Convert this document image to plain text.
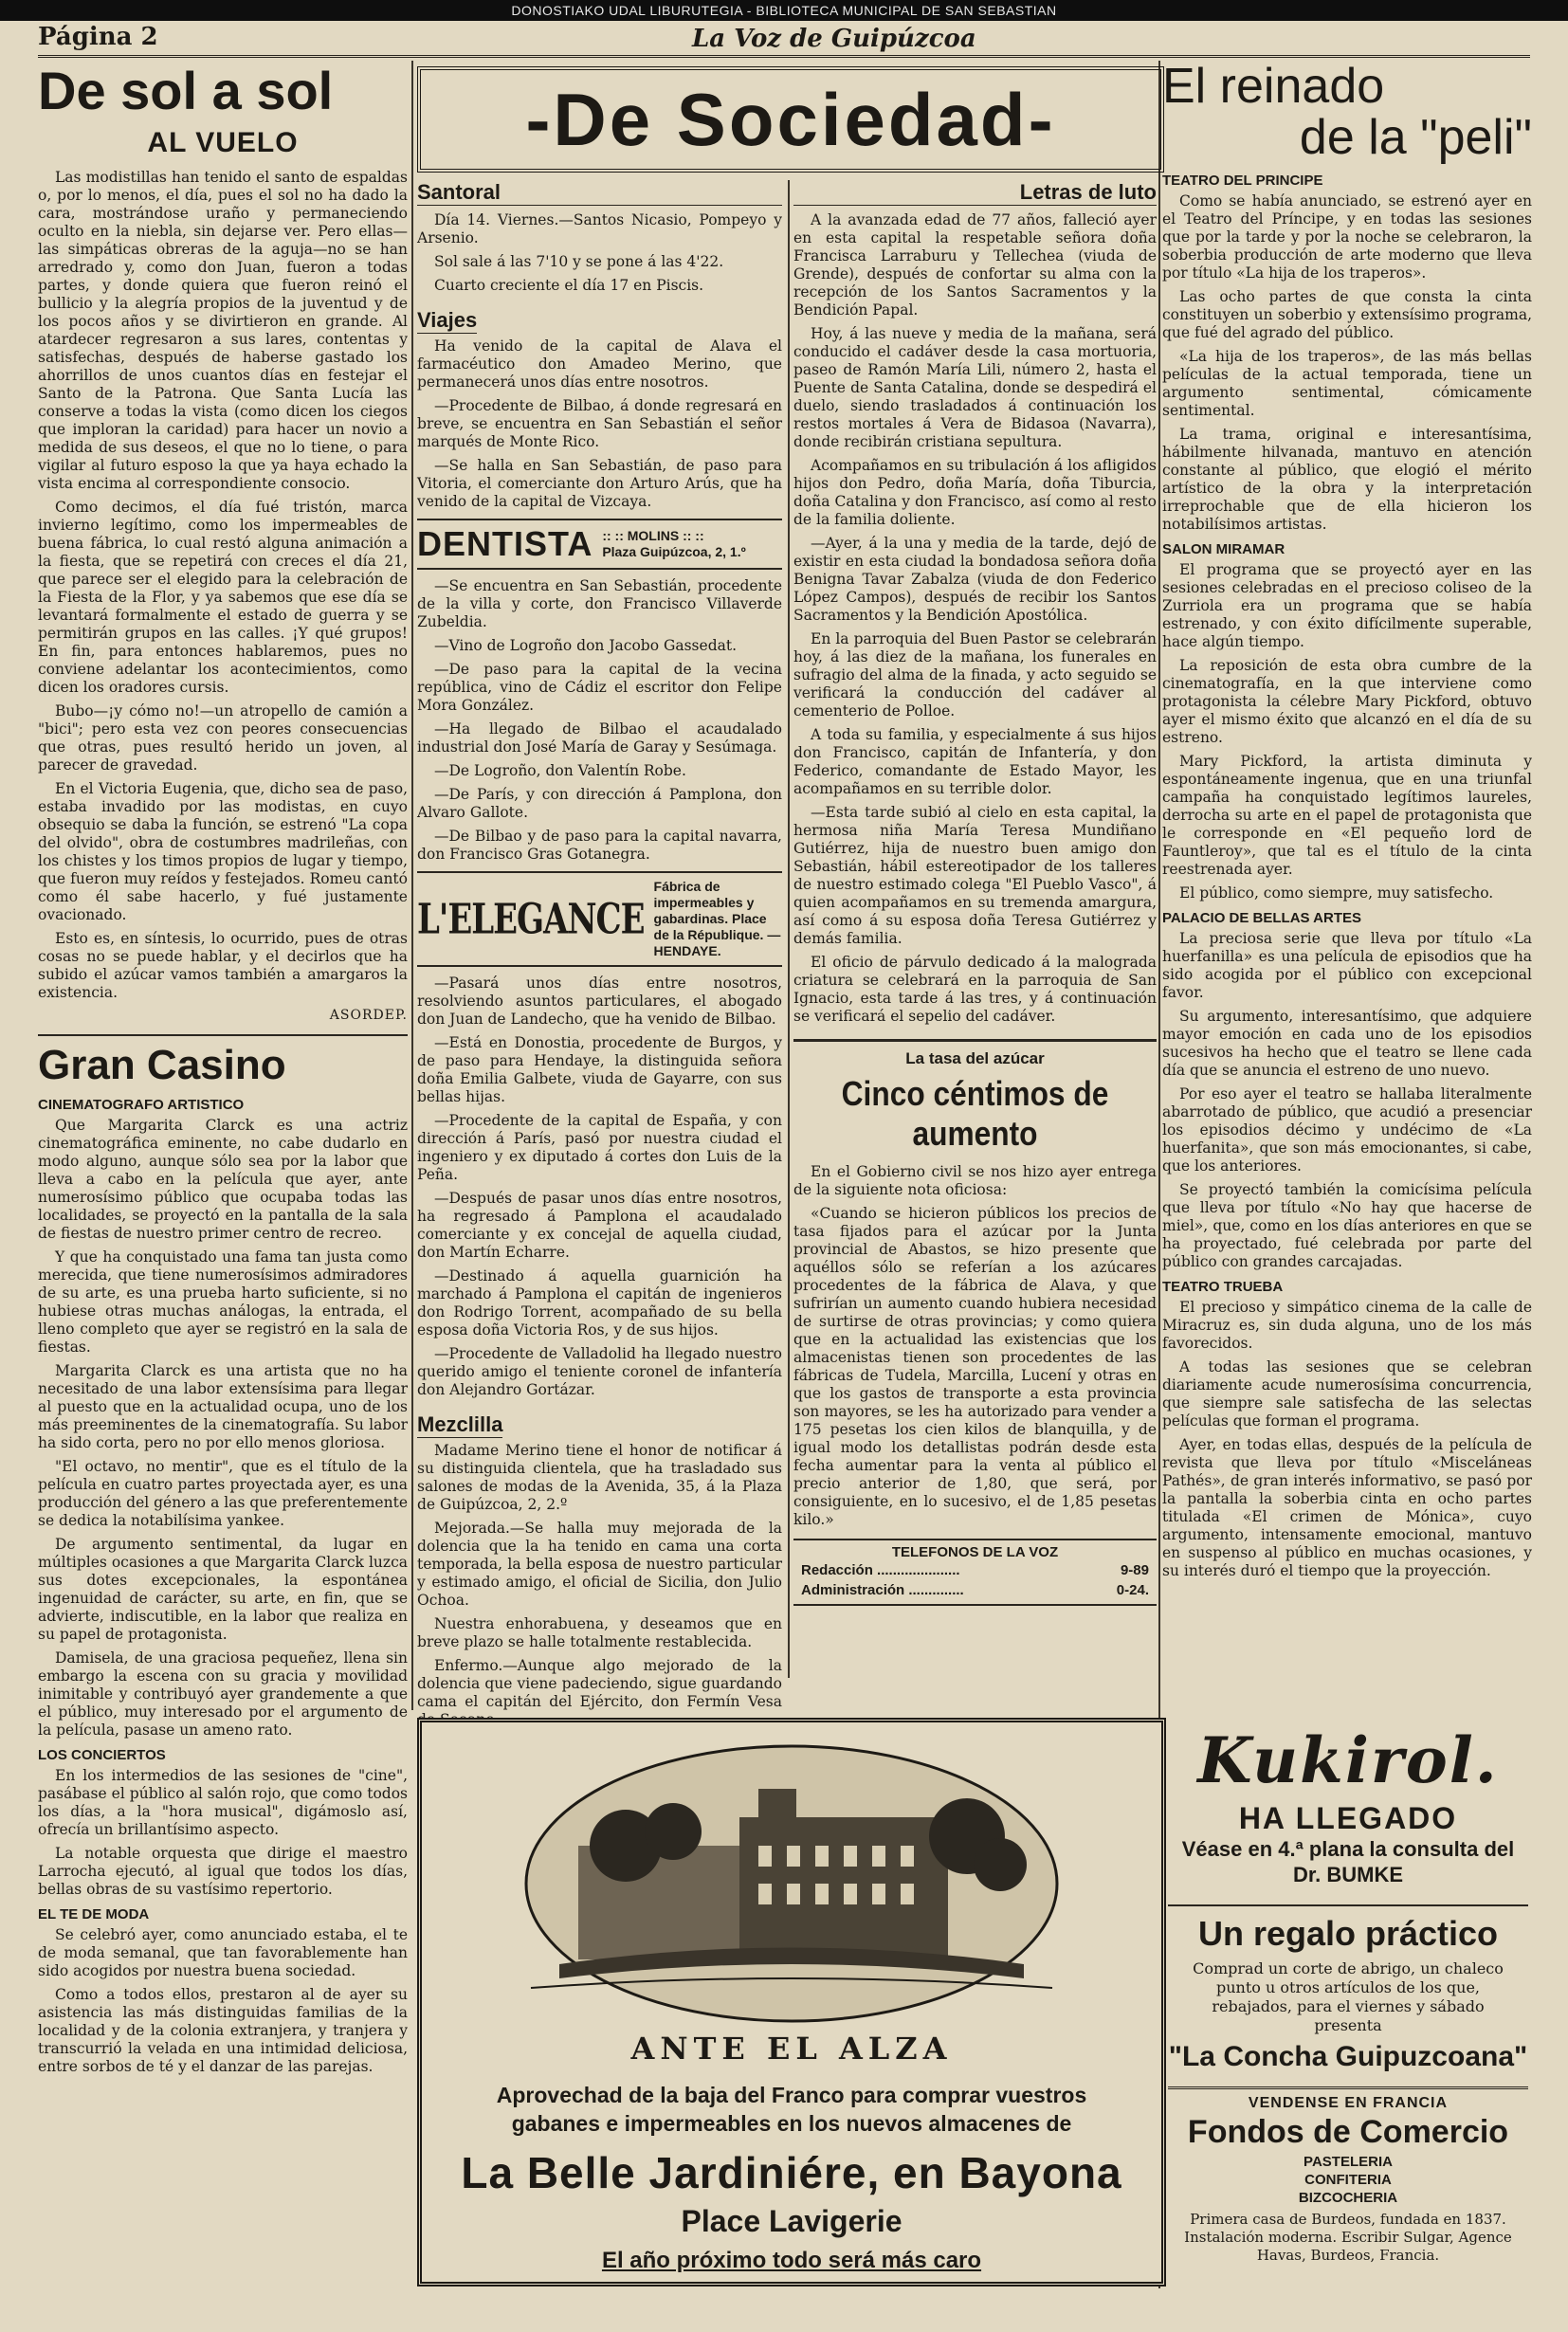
DONOSTIAKO UDAL LIBURUTEGIA - BIBLIOTECA MUNICIPAL DE SAN SEBASTIAN
Página 2	La Voz de Guipúzcoa
De sol a sol
AL VUELO

Las modistillas han tenido el santo de espaldas o, por lo menos, el día, pues el sol no ha dado la cara, mostrándose uraño y permaneciendo oculto en la niebla, sin dejarse ver. Pero ellas—las simpáticas obreras de la aguja—no se han arredrado y, como don Juan, fueron a todas partes, y donde quiera que fueron reinó el bullicio y la alegría propios de la juventud y de los pocos años y se divirtieron en grande. Al atardecer regresaron a sus lares, contentas y satisfechas, después de haberse gastado los ahorrillos de unos cuantos días en festejar el Santo de la Patrona. Que Santa Lucía las conserve a todas la vista (como dicen los ciegos que imploran la caridad) para hacer un novio a medida de sus deseos, el que no lo tiene, o para vigilar al futuro esposo la que ya haya echado la vista encima al correspondiente consocio.

Como decimos, el día fué tristón, marca invierno legítimo, como los impermeables de buena fábrica, lo cual restó alguna animación a la fiesta, que se repetirá con creces el día 21, que parece ser el elegido para la celebración de la Fiesta de la Flor, y ya sabemos que ese día se levantará formalmente el estado de guerra y se permitirán grupos en las calles. ¡Y qué grupos! En fin, para entonces hablaremos, pues no conviene adelantar los acontecimientos, como dicen los oradores cursis.

Bubo—¡y cómo no!—un atropello de camión a "bici"; pero esta vez con peores consecuencias que otras, pues resultó herido un joven, al parecer de gravedad.

En el Victoria Eugenia, que, dicho sea de paso, estaba invadido por las modistas, en cuyo obsequio se daba la función, se estrenó "La copa del olvido", obra de costumbres madrileñas, con los chistes y los timos propios de lugar y tiempo, que fueron muy reídos y festejados. Romeu cantó como él sabe hacerlo, y fué justamente ovacionado.

Esto es, en síntesis, lo ocurrido, pues de otras cosas no se puede hablar, y el decirlos que ha subido el azúcar vamos también a amargaros la existencia.

ASORDEP.
Gran Casino
CINEMATOGRAFO ARTISTICO

Que Margarita Clarck es una actriz cinematográfica eminente, no cabe dudarlo en modo alguno, aunque sólo sea por la labor que lleva a cabo en la película que ayer, ante numerosísimo público que ocupaba todas las localidades, se proyectó en la pantalla de la sala de fiestas de nuestro primer centro de recreo.

Y que ha conquistado una fama tan justa como merecida, que tiene numerosísimos admiradores de su arte, es una prueba harto suficiente, si no hubiese otras muchas análogas, la entrada, el lleno completo que ayer se registró en la sala de fiestas.

Margarita Clarck es una artista que no ha necesitado de una labor extensísima para llegar al puesto que en la actualidad ocupa, uno de los más preeminentes de la cinematografía. Su labor ha sido corta, pero no por ello menos gloriosa.

"El octavo, no mentir", que es el título de la película en cuatro partes proyectada ayer, es una producción del género a las que preferentemente se dedica la notabilísima yankee.

De argumento sentimental, da lugar en múltiples ocasiones a que Margarita Clarck luzca sus dotes excepcionales, la espontánea ingenuidad de carácter, su arte, en fin, que se advierte, indiscutible, en la labor que realiza en su papel de protagonista.

Damisela, de una graciosa pequeñez, llena sin embargo la escena con su gracia y movilidad inimitable y contribuyó ayer grandemente a que el público, muy interesado por el argumento de la película, pasase un ameno rato.

LOS CONCIERTOS

En los intermedios de las sesiones de "cine", pasábase el público al salón rojo, que como todos los días, a la "hora musical", digámoslo así, ofrecía un brillantísimo aspecto.

La notable orquesta que dirige el maestro Larrocha ejecutó, al igual que todos los días, bellas obras de su vastísimo repertorio.

EL TE DE MODA

Se celebró ayer, como anunciado estaba, el te de moda semanal, que tan favorablemente han sido acogidos por nuestra buena sociedad.

Como a todos ellos, prestaron al de ayer su asistencia las más distinguidas familias de la localidad y de la colonia extranjera, y tranjera y transcurrió la velada en una intimidad deliciosa, entre sorbos de té y el danzar de las parejas.

-De Sociedad-
Santoral

Día 14. Viernes.—Santos Nicasio, Pompeyo y Arsenio.

Sol sale á las 7'10 y se pone á las 4'22.

Cuarto creciente el día 17 en Piscis.

Viajes

Ha venido de la capital de Alava el farmacéutico don Amadeo Merino, que permanecerá unos días entre nosotros.

—Procedente de Bilbao, á donde regresará en breve, se encuentra en San Sebastián el señor marqués de Monte Rico.

—Se halla en San Sebastián, de paso para Vitoria, el comerciante don Arturo Arús, que ha venido de la capital de Vizcaya.

DENTISTA :: :: MOLINS :: ::
Plaza Guipúzcoa, 2, 1.º

—Se encuentra en San Sebastián, procedente de la villa y corte, don Francisco Villaverde Zubeldia.

—Vino de Logroño don Jacobo Gassedat.

—De paso para la capital de la vecina república, vino de Cádiz el escritor don Felipe Mora González.

—Ha llegado de Bilbao el acaudalado industrial don José María de Garay y Sesúmaga.

—De Logroño, don Valentín Robe.

—De París, y con dirección á Pamplona, don Alvaro Gallote.

—De Bilbao y de paso para la capital navarra, don Francisco Gras Gotanegra.

L'ELEGANCE
Fábrica de impermeables y gabardinas. Place de la République. — HENDAYE.

—Pasará unos días entre nosotros, resolviendo asuntos particulares, el abogado don Juan de Landecho, que ha venido de Bilbao.

—Está en Donostia, procedente de Burgos, y de paso para Hendaye, la distinguida señora doña Emilia Galbete, viuda de Gayarre, con sus bellas hijas.

—Procedente de la capital de España, y con dirección á París, pasó por nuestra ciudad el ingeniero y ex diputado á cortes don Luis de la Peña.

—Después de pasar unos días entre nosotros, ha regresado á Pamplona el acaudalado comerciante y ex concejal de aquella ciudad, don Martín Echarre.

—Destinado á aquella guarnición ha marchado á Pamplona el capitán de ingenieros don Rodrigo Torrent, acompañado de su bella esposa doña Victoria Ros, y de sus hijos.

—Procedente de Valladolid ha llegado nuestro querido amigo el teniente coronel de infantería don Alejandro Gortázar.

Mezclilla

Madame Merino tiene el honor de notificar á su distinguida clientela, que ha trasladado sus salones de modas de la Avenida, 35, á la Plaza de Guipúzcoa, 2, 2.º

Mejorada.—Se halla muy mejorada de la dolencia que la ha tenido en cama una corta temporada, la bella esposa de nuestro particular y estimado amigo, el oficial de Sicilia, don Julio Ochoa.

Nuestra enhorabuena, y deseamos que en breve plazo se halle totalmente restablecida.

Enfermo.—Aunque algo mejorado de la dolencia que viene padeciendo, sigue guardando cama el capitán del Ejército, don Fermín Vesa

Letras de luto

A la avanzada edad de 77 años, falleció ayer en esta capital la respetable señora doña Francisca Larraburu y Tellechea (viuda de Grende), después de confortar su alma con la recepción de los Santos Sacramentos y la Bendición Papal.

Hoy, á las nueve y media de la mañana, será conducido el cadáver desde la casa mortuoria, paseo de Ramón María Lili, número 2, hasta el Puente de Santa Catalina, donde se despedirá el duelo, siendo trasladados á continuación los restos mortales á Vera de Bidasoa (Navarra), donde recibirán cristiana sepultura.

Acompañamos en su tribulación á los afligidos hijos don Pedro, doña María, doña Tiburcia, doña Catalina y don Francisco, así como al resto de la familia doliente.

—Ayer, á la una y media de la tarde, dejó de existir en esta ciudad la bondadosa señora doña Benigna Tavar Zabalza (viuda de don Federico López Campos), después de recibir los Santos Sacramentos y la Bendición Apostólica.

En la parroquia del Buen Pastor se celebrarán hoy, á las diez de la mañana, los funerales en sufragio del alma de la finada, y acto seguido se verificará la conducción del cadáver al cementerio de Polloe.

A toda su familia, y especialmente á sus hijos don Francisco, capitán de Infantería, y don Federico, comandante de Estado Mayor, les acompañamos en su terrible dolor.

—Esta tarde subió al cielo en esta capital, la hermosa niña María Teresa Mundiñano Gutiérrez, hija de nuestro buen amigo don Sebastián, hábil estereotipador de los talleres de nuestro estimado colega "El Pueblo Vasco", á quien acompañamos en su tremenda amargura, así como á su esposa doña Teresa Gutiérrez y demás familia.

El oficio de párvulo dedicado á la malograda criatura se celebrará en la parroquia de San Ignacio, esta tarde á las tres, y á continuación se verificará el sepelio del cadáver.

La tasa del azúcar
Cinco céntimos de aumento

En el Gobierno civil se nos hizo ayer entrega de la siguiente nota oficiosa:

«Cuando se hicieron públicos los precios de tasa fijados para el azúcar por la Junta provincial de Abastos, se hizo presente que aquéllos sólo se referían a los azúcares procedentes de la fábrica de Alava, y que sufrirían un aumento cuando hubiera necesidad de surtirse de otras provincias; y como quiera que en la actualidad las existencias que los almacenistas tienen son procedentes de las fábricas de Tudela, Marcilla, Lucení y otras en que los gastos de transporte a esta provincia son mayores, se les ha autorizado para vender a 175 pesetas los cien kilos de blanquilla, y de igual modo los detallistas podrán desde esta fecha aumentar para la venta al público el precio anterior de 1,80, que será, por consiguiente, en lo sucesivo, el de 1,85 pesetas kilo.»

TELEFONOS DE LA VOZ
Redacción .....................	9-89
Administración ..............	0-24.
El reinado
de la "peli"
TEATRO DEL PRINCIPE

Como se había anunciado, se estrenó ayer en el Teatro del Príncipe, y en todas las sesiones que por la tarde y por la noche se celebraron, la soberbia producción de arte moderno que lleva por título «La hija de los traperos».

Las ocho partes de que consta la cinta constituyen un soberbio y extensísimo programa, que fué del agrado del público.

«La hija de los traperos», de las más bellas películas de la actual temporada, tiene un argumento sentimental, cómicamente sentimental.

La trama, original e interesantísima, hábilmente hilvanada, mantuvo en atención constante al público, que elogió el mérito artístico de la obra y la interpretación irreprochable que de ella hicieron los notabilísimos artistas.

SALON MIRAMAR

El programa que se proyectó ayer en las sesiones celebradas en el precioso coliseo de la Zurriola era un programa que se había estrenado, y con éxito difícilmente superable, hace algún tiempo.

La reposición de esta obra cumbre de la cinematografía, en la que interviene como protagonista la célebre Mary Pickford, obtuvo ayer el mismo éxito que alcanzó en el día de su estreno.

Mary Pickford, la artista diminuta y espontáneamente ingenua, que en una triunfal campaña ha conquistado legítimos laureles, derrocha su arte en el papel de protagonista que le corresponde en «El pequeño lord de Fauntleroy», que tal es el título de la cinta reestrenada ayer.

El público, como siempre, muy satisfecho.

PALACIO DE BELLAS ARTES

La preciosa serie que lleva por título «La huerfanilla» es una película de episodios que ha sido acogida por el público con excepcional favor.

Su argumento, interesantísimo, que adquiere mayor emoción en cada uno de los episodios sucesivos ha hecho que el teatro se llene cada día que se anuncia el estreno de uno nuevo.

Por eso ayer el teatro se hallaba literalmente abarrotado de público, que acudió a presenciar los episodios décimo y undécimo de «La huerfanita», que son más emocionantes, si cabe, que los anteriores.

Se proyectó también la comicísima película que lleva por título «No hay que hacerse de miel», que, como en los días anteriores en que se ha proyectado, fué celebrada por parte del público con grandes carcajadas.

TEATRO TRUEBA

El precioso y simpático cinema de la calle de Miracruz es, sin duda alguna, uno de los más favorecidos.

A todas las sesiones que se celebran diariamente acude numerosísima concurrencia, que siempre sale satisfecha de las selectas películas que forman el programa.

Ayer, en todas ellas, después de la película de revista que lleva por título «Misceláneas Pathés», de gran interés informativo, se pasó por la pantalla la soberbia cinta en ocho partes titulada «El crimen de Mónica», cuyo argumento, intensamente emocional, mantuvo en suspenso al público en muchas ocasiones, y su interés duró el tiempo que la proyección.

ANTE EL ALZA
Aprovechad de la baja del Franco para comprar vuestros gabanes e impermeables en los nuevos almacenes de
La Belle Jardiniére, en Bayona
Place Lavigerie
El año próximo todo será más caro
Kukirol.
HA LLEGADO
Véase en 4.ª plana la consulta del Dr. BUMKE
Un regalo práctico
Comprad un corte de abrigo, un chaleco punto u otros artículos de los que, rebajados, para el viernes y sábado presenta
"La Concha Guipuzcoana"
VENDENSE EN FRANCIA
Fondos de Comercio
PASTELERIA
CONFITERIA
BIZCOCHERIA
Primera casa de Burdeos, fundada en 1837. Instalación moderna. Escribir Sulgar, Agence Havas, Burdeos, Francia.
